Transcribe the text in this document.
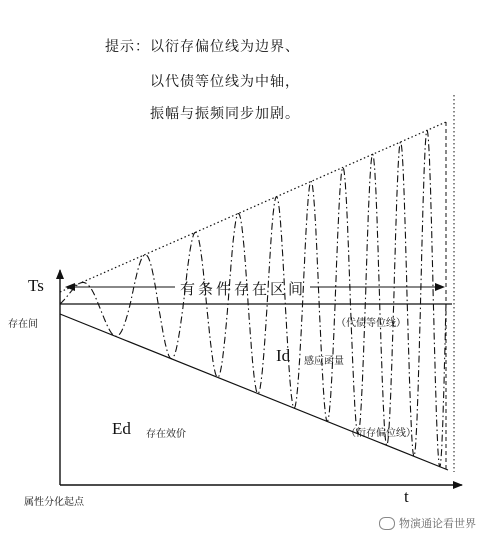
提示：以衍存偏位线为边界、
以代债等位线为中轴，
振幅与振频同步加剧。
Ts
存在间
有条件存在区间
（代债等位线）
Id 感应函量
Ed 存在效价	（衍存偏位线）
t
属性分化起点
物演通论看世界
